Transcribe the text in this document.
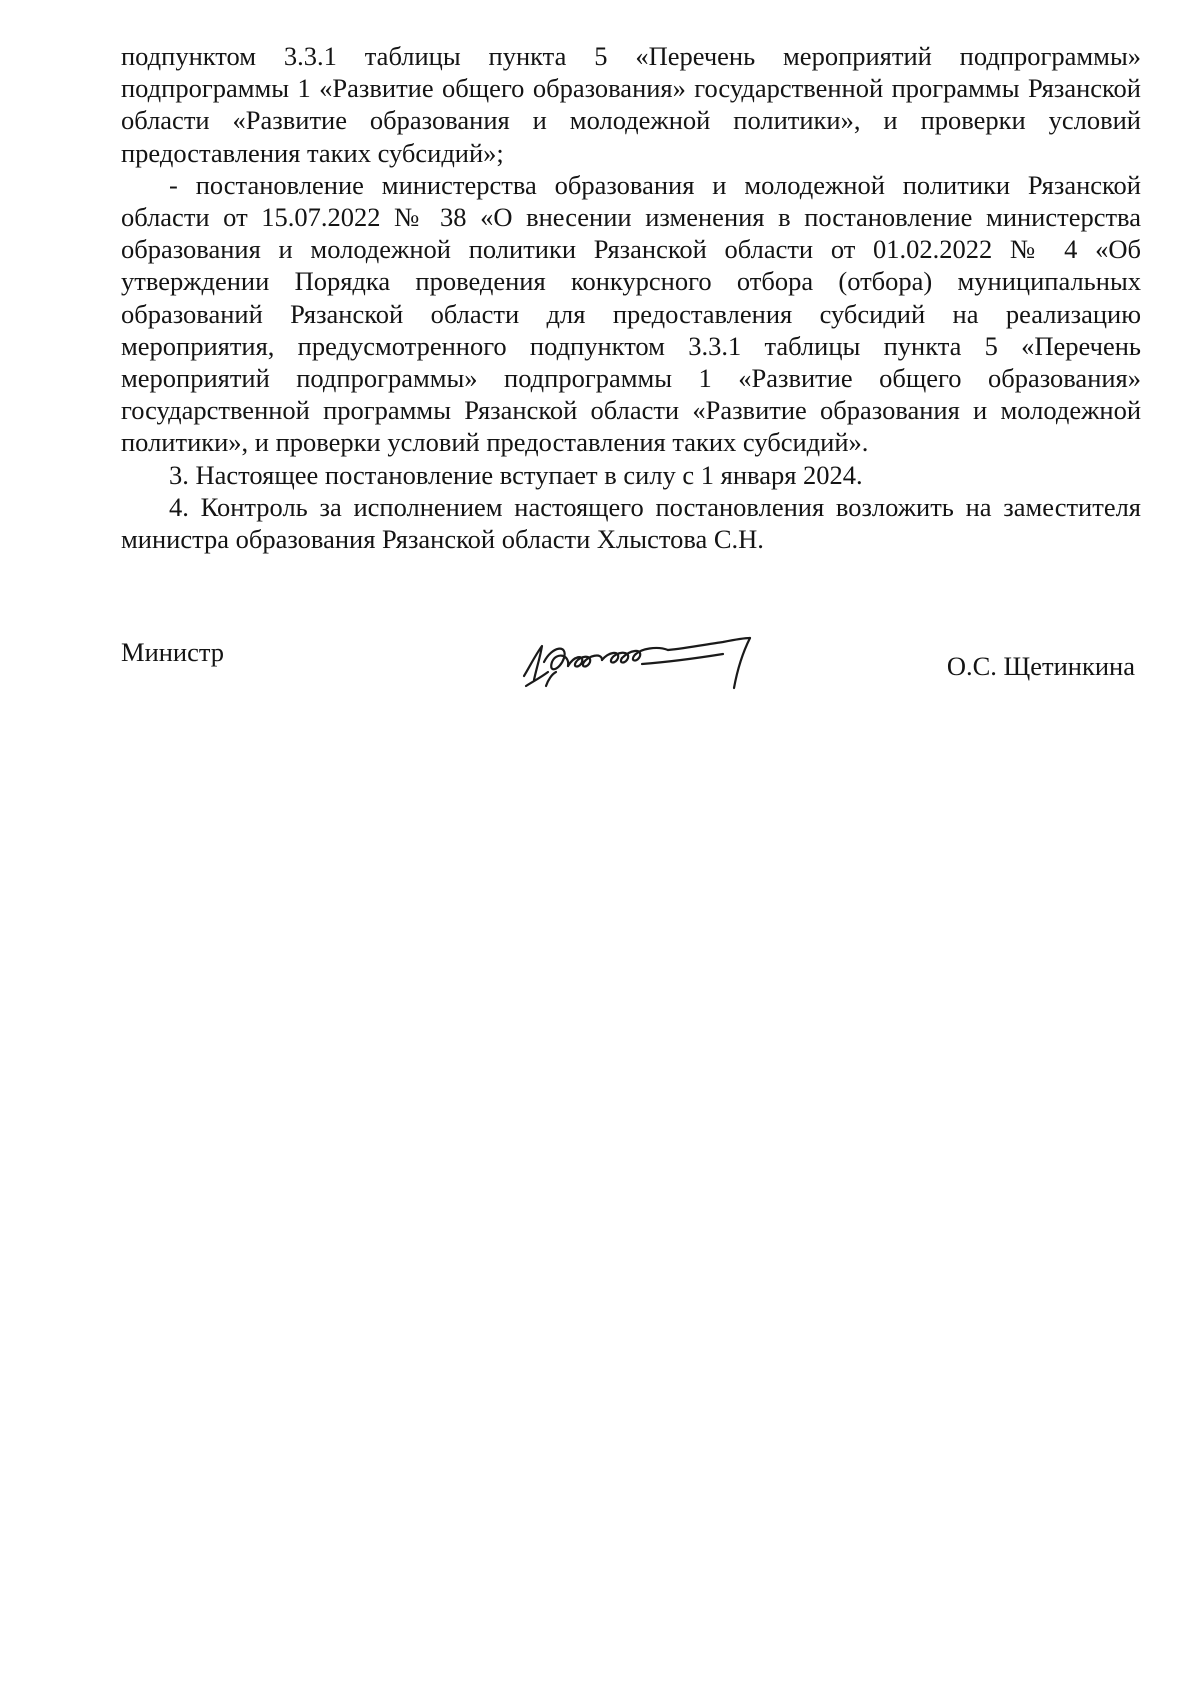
подпунктом 3.3.1 таблицы пункта 5 «Перечень мероприятий подпрограммы» подпрограммы 1 «Развитие общего образования» государственной программы Рязанской области «Развитие образования и молодежной политики», и проверки условий предоставления таких субсидий»;

- постановление министерства образования и молодежной политики Рязанской области от 15.07.2022 № 38 «О внесении изменения в постановление министерства образования и молодежной политики Рязанской области от 01.02.2022 № 4 «Об утверждении Порядка проведения конкурсного отбора (отбора) муниципальных образований Рязанской области для предоставления субсидий на реализацию мероприятия, предусмотренного подпунктом 3.3.1 таблицы пункта 5 «Перечень мероприятий подпрограммы» подпрограммы 1 «Развитие общего образования» государственной программы Рязанской области «Развитие образования и молодежной политики», и проверки условий предоставления таких субсидий».

3. Настоящее постановление вступает в силу с 1 января 2024.

4. Контроль за исполнением настоящего постановления возложить на заместителя министра образования Рязанской области Хлыстова С.Н.

Министр	О.С. Щетинкина
